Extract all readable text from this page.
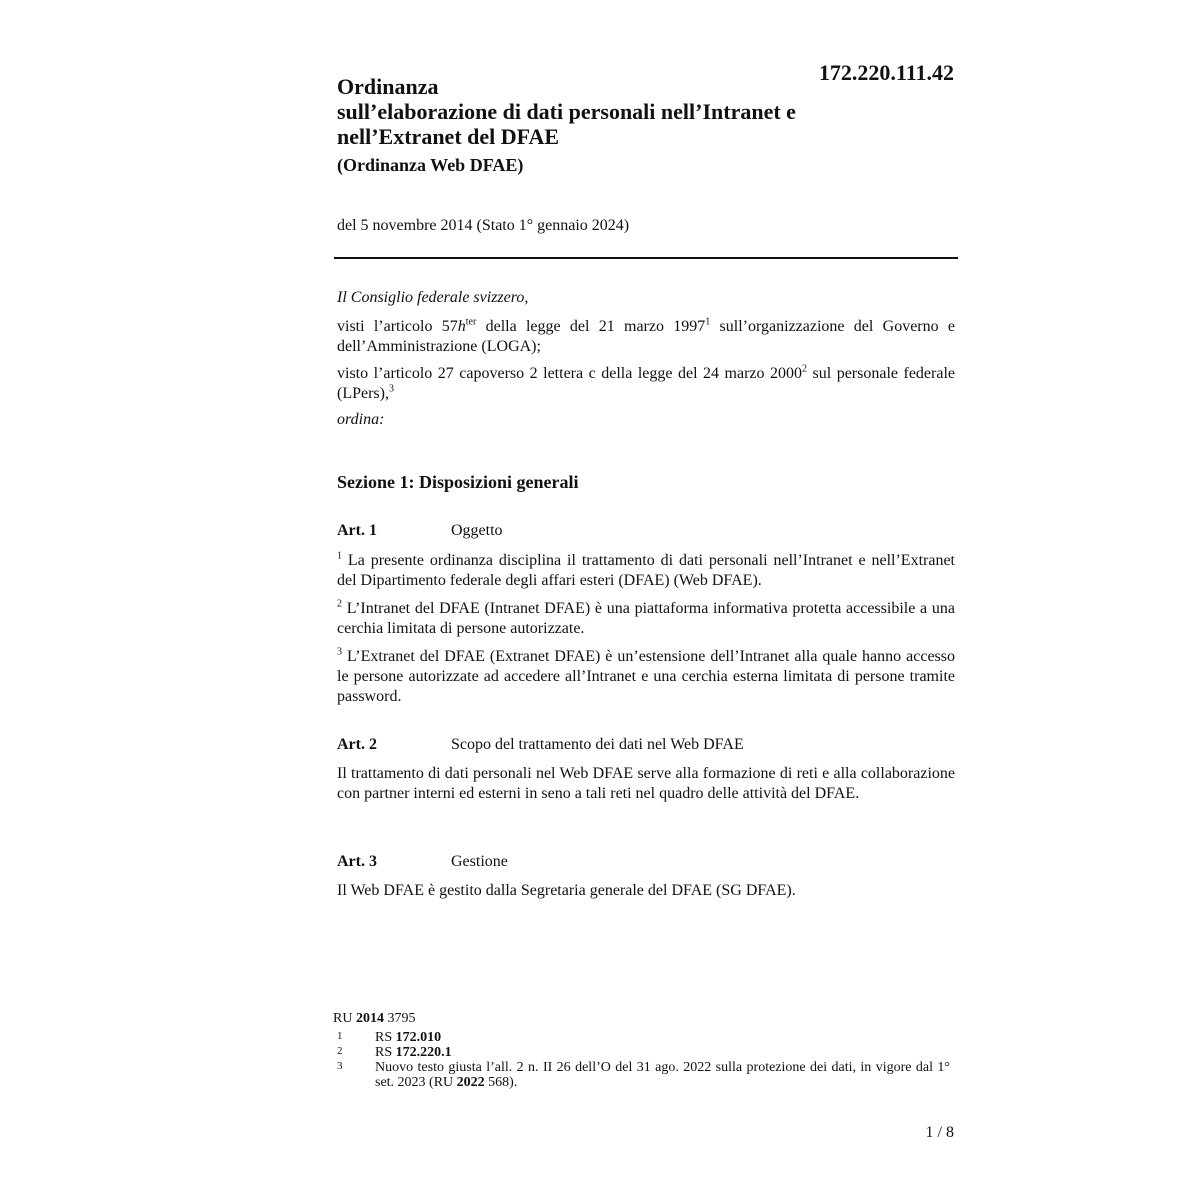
172.220.111.42
Ordinanza
sull’elaborazione di dati personali nell’Intranet e
nell’Extranet del DFAE
(Ordinanza Web DFAE)
del 5 novembre 2014 (Stato 1° gennaio 2024)
Il Consiglio federale svizzero,
visti l’articolo $57h^{ter}$ della legge del 21 marzo 1997$^1$ sull’organizzazione del Governo e dell’Amministrazione (LOGA);
visto l’articolo 27 capoverso 2 lettera c della legge del 24 marzo 2000$^2$ sul personale federale (LPers),$^3$
ordina:
Sezione 1: Disposizioni generali
Art. 1	Oggetto
$^1$ La presente ordinanza disciplina il trattamento di dati personali nell’Intranet e nell’Extranet del Dipartimento federale degli affari esteri (DFAE) (Web DFAE).
$^2$ L’Intranet del DFAE (Intranet DFAE) è una piattaforma informativa protetta accessibile a una cerchia limitata di persone autorizzate.
$^3$ L’Extranet del DFAE (Extranet DFAE) è un’estensione dell’Intranet alla quale hanno accesso le persone autorizzate ad accedere all’Intranet e una cerchia esterna limitata di persone tramite password.
Art. 2	Scopo del trattamento dei dati nel Web DFAE
Il trattamento di dati personali nel Web DFAE serve alla formazione di reti e alla collaborazione con partner interni ed esterni in seno a tali reti nel quadro delle attività del DFAE.
Art. 3	Gestione
Il Web DFAE è gestito dalla Segretaria generale del DFAE (SG DFAE).
RU 2014 3795
1	RS 172.010
2	RS 172.220.1
3	Nuovo testo giusta l’all. 2 n. II 26 dell’O del 31 ago. 2022 sulla protezione dei dati, in vigore dal 1° set. 2023 (RU 2022 568).
1 / 8
